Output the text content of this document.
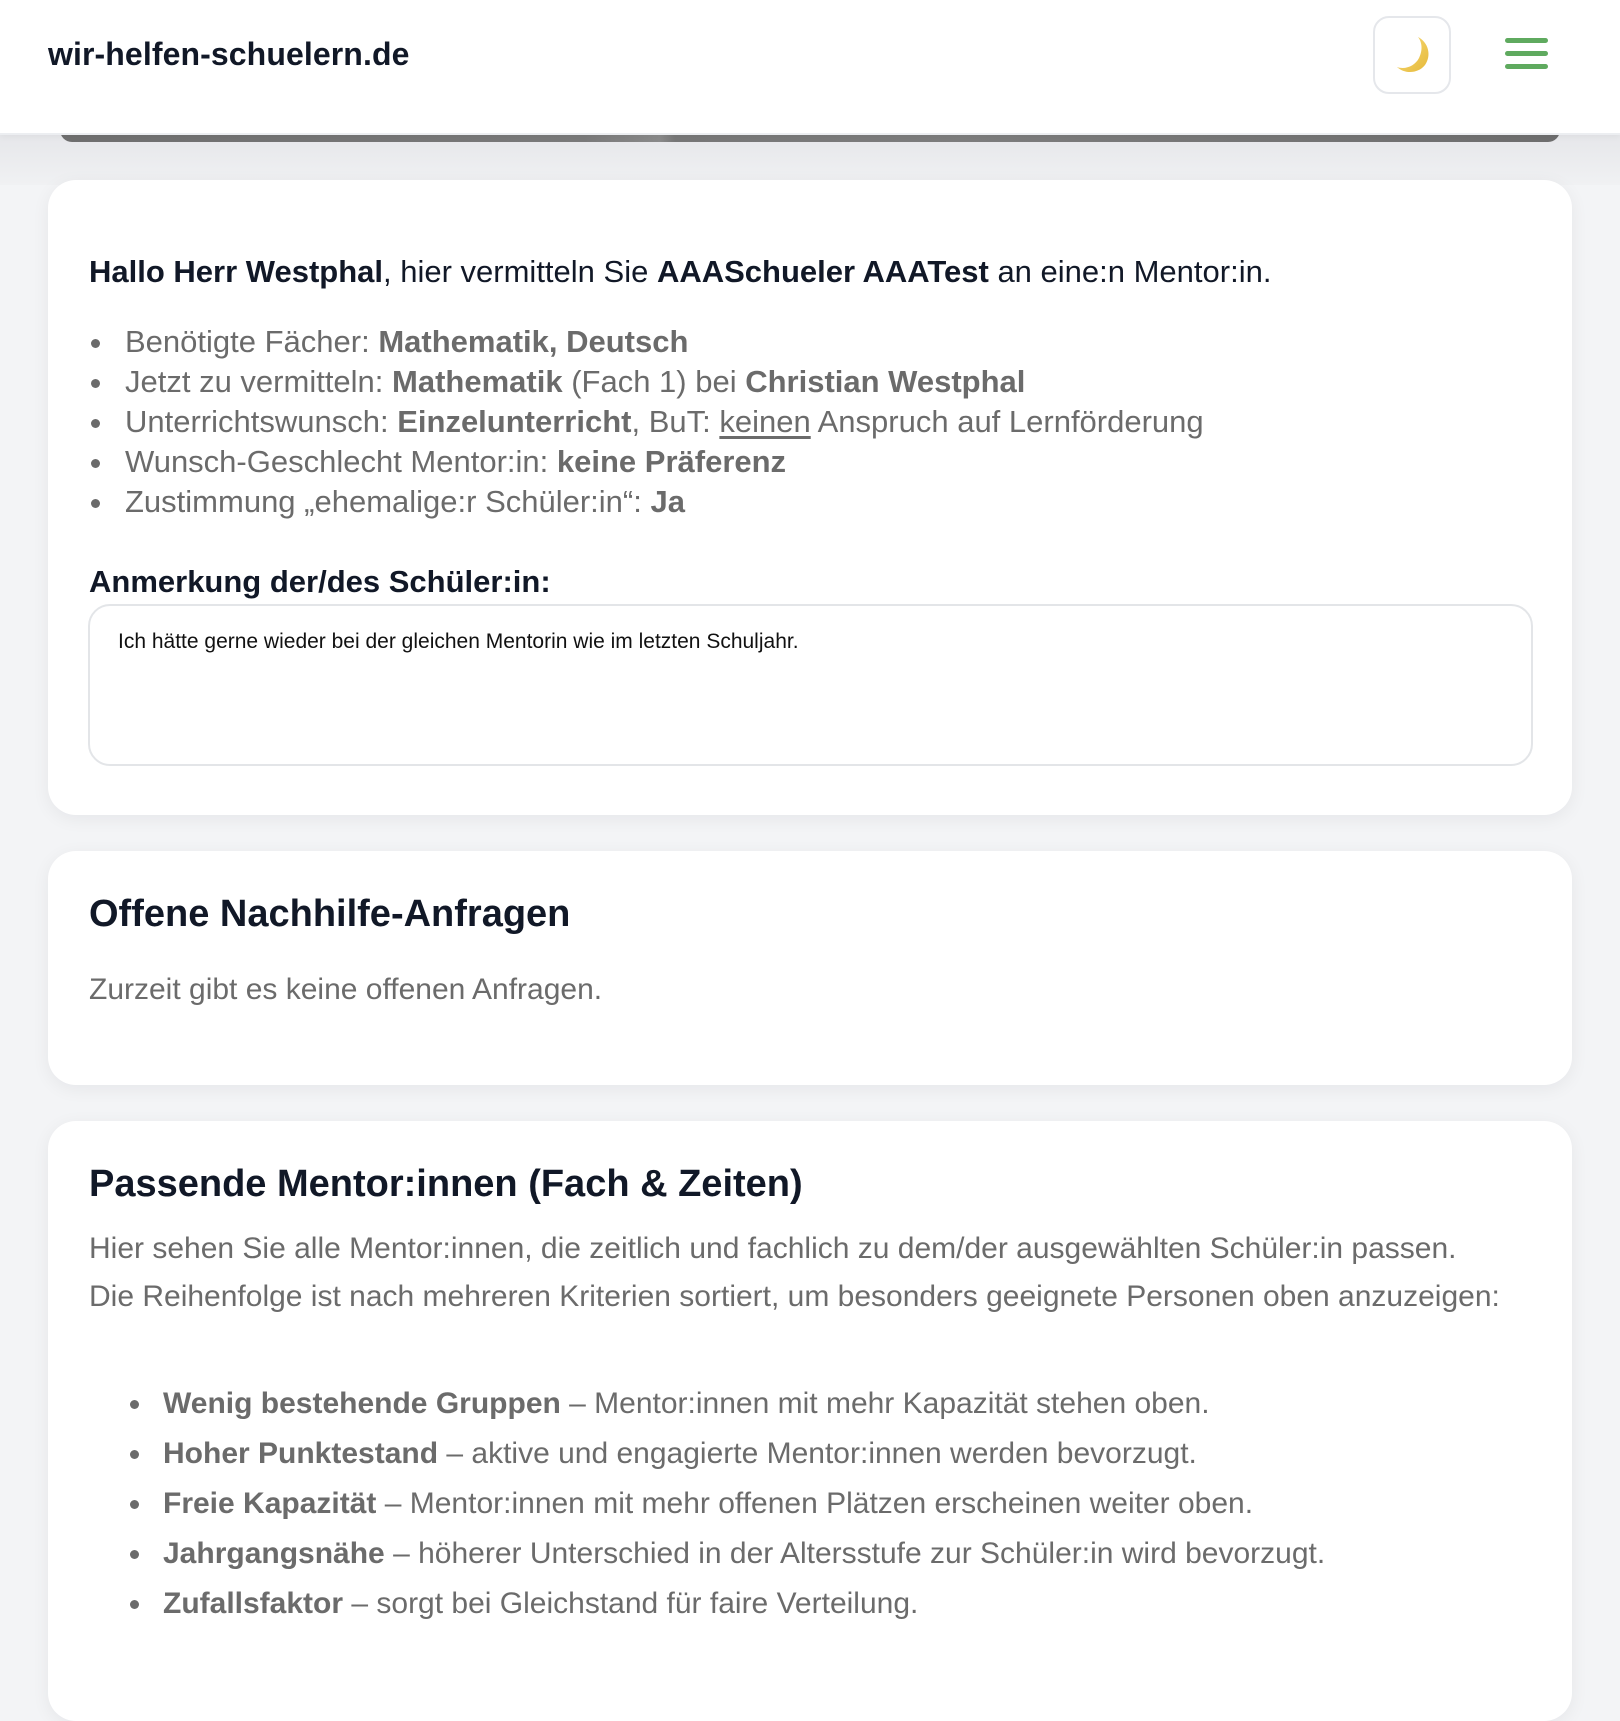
wir-helfen-schuelern.de

Hallo Herr Westphal, hier vermitteln Sie AAASchueler AAATest an eine:n Mentor:in.

Benötigte Fächer: Mathematik, Deutsch
Jetzt zu vermitteln: Mathematik (Fach 1) bei Christian Westphal
Unterrichtswunsch: Einzelunterricht, BuT: keinen Anspruch auf Lernförderung
Wunsch-Geschlecht Mentor:in: keine Präferenz
Zustimmung „ehemalige:r Schüler:in“: Ja
Anmerkung der/des Schüler:in:
Ich hätte gerne wieder bei der gleichen Mentorin wie im letzten Schuljahr.
Offene Nachhilfe-Anfragen

Zurzeit gibt es keine offenen Anfragen.

Passende Mentor:innen (Fach & Zeiten)

Hier sehen Sie alle Mentor:innen, die zeitlich und fachlich zu dem/der ausgewählten Schüler:in passen. Die Reihenfolge ist nach mehreren Kriterien sortiert, um besonders geeignete Personen oben anzuzeigen:

Wenig bestehende Gruppen – Mentor:innen mit mehr Kapazität stehen oben.
Hoher Punktestand – aktive und engagierte Mentor:innen werden bevorzugt.
Freie Kapazität – Mentor:innen mit mehr offenen Plätzen erscheinen weiter oben.
Jahrgangsnähe – höherer Unterschied in der Altersstufe zur Schüler:in wird bevorzugt.
Zufallsfaktor – sorgt bei Gleichstand für faire Verteilung.
